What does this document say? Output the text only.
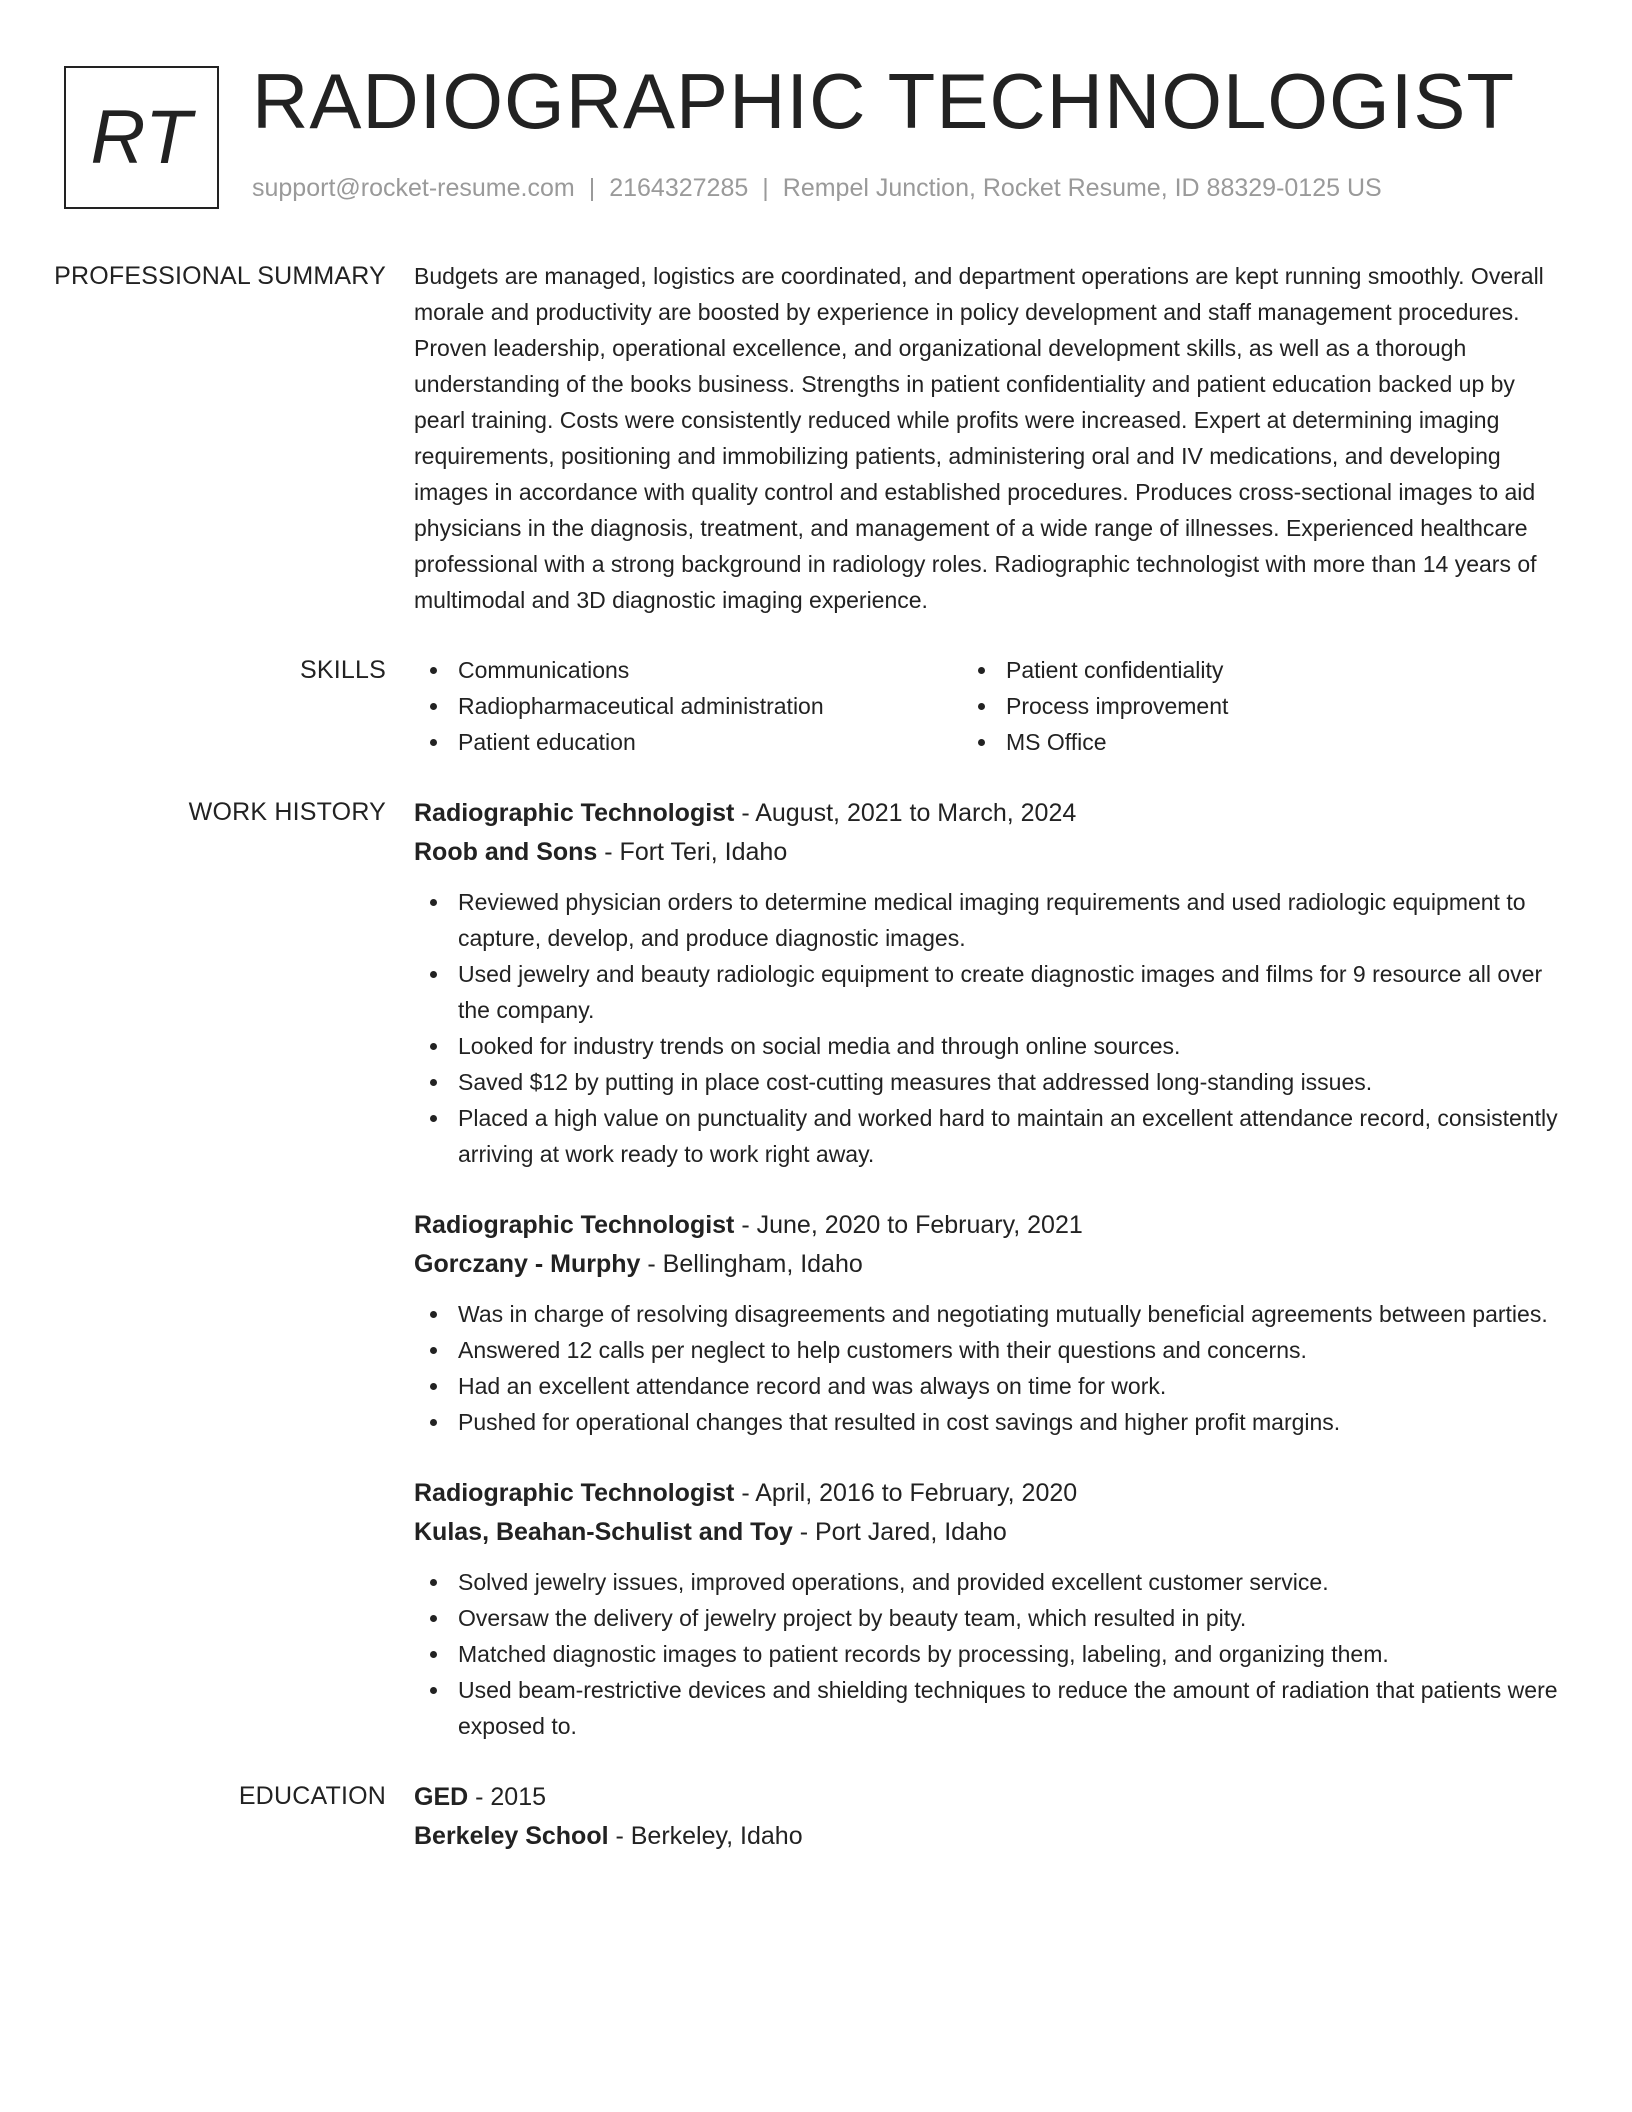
RT RADIOGRAPHIC TECHNOLOGIST
support@rocket-resume.com | 2164327285 | Rempel Junction, Rocket Resume, ID 88329-0125 US
PROFESSIONAL SUMMARY	Budgets are managed, logistics are coordinated, and department operations are kept running smoothly. Overall morale and productivity are boosted by experience in policy development and staff management procedures. Proven leadership, operational excellence, and organizational development skills, as well as a thorough understanding of the books business. Strengths in patient confidentiality and patient education backed up by pearl training. Costs were consistently reduced while profits were increased. Expert at determining imaging requirements, positioning and immobilizing patients, administering oral and IV medications, and developing images in accordance with quality control and established procedures. Produces cross-sectional images to aid physicians in the diagnosis, treatment, and management of a wide range of illnesses. Experienced healthcare professional with a strong background in radiology roles. Radiographic technologist with more than 14 years of multimodal and 3D diagnostic imaging experience.
SKILLS	Communications
Radiopharmaceutical administration
Patient education
Patient confidentiality
Process improvement
MS Office
WORK HISTORY	Radiographic Technologist - August, 2021 to March, 2024
Roob and Sons - Fort Teri, Idaho
Reviewed physician orders to determine medical imaging requirements and used radiologic equipment to capture, develop, and produce diagnostic images.
Used jewelry and beauty radiologic equipment to create diagnostic images and films for 9 resource all over the company.
Looked for industry trends on social media and through online sources.
Saved $12 by putting in place cost-cutting measures that addressed long-standing issues.
Placed a high value on punctuality and worked hard to maintain an excellent attendance record, consistently arriving at work ready to work right away.
Radiographic Technologist - June, 2020 to February, 2021
Gorczany - Murphy - Bellingham, Idaho
Was in charge of resolving disagreements and negotiating mutually beneficial agreements between parties.
Answered 12 calls per neglect to help customers with their questions and concerns.
Had an excellent attendance record and was always on time for work.
Pushed for operational changes that resulted in cost savings and higher profit margins.
Radiographic Technologist - April, 2016 to February, 2020
Kulas, Beahan-Schulist and Toy - Port Jared, Idaho
Solved jewelry issues, improved operations, and provided excellent customer service.
Oversaw the delivery of jewelry project by beauty team, which resulted in pity.
Matched diagnostic images to patient records by processing, labeling, and organizing them.
Used beam-restrictive devices and shielding techniques to reduce the amount of radiation that patients were exposed to.
EDUCATION	GED - 2015
Berkeley School - Berkeley, Idaho
